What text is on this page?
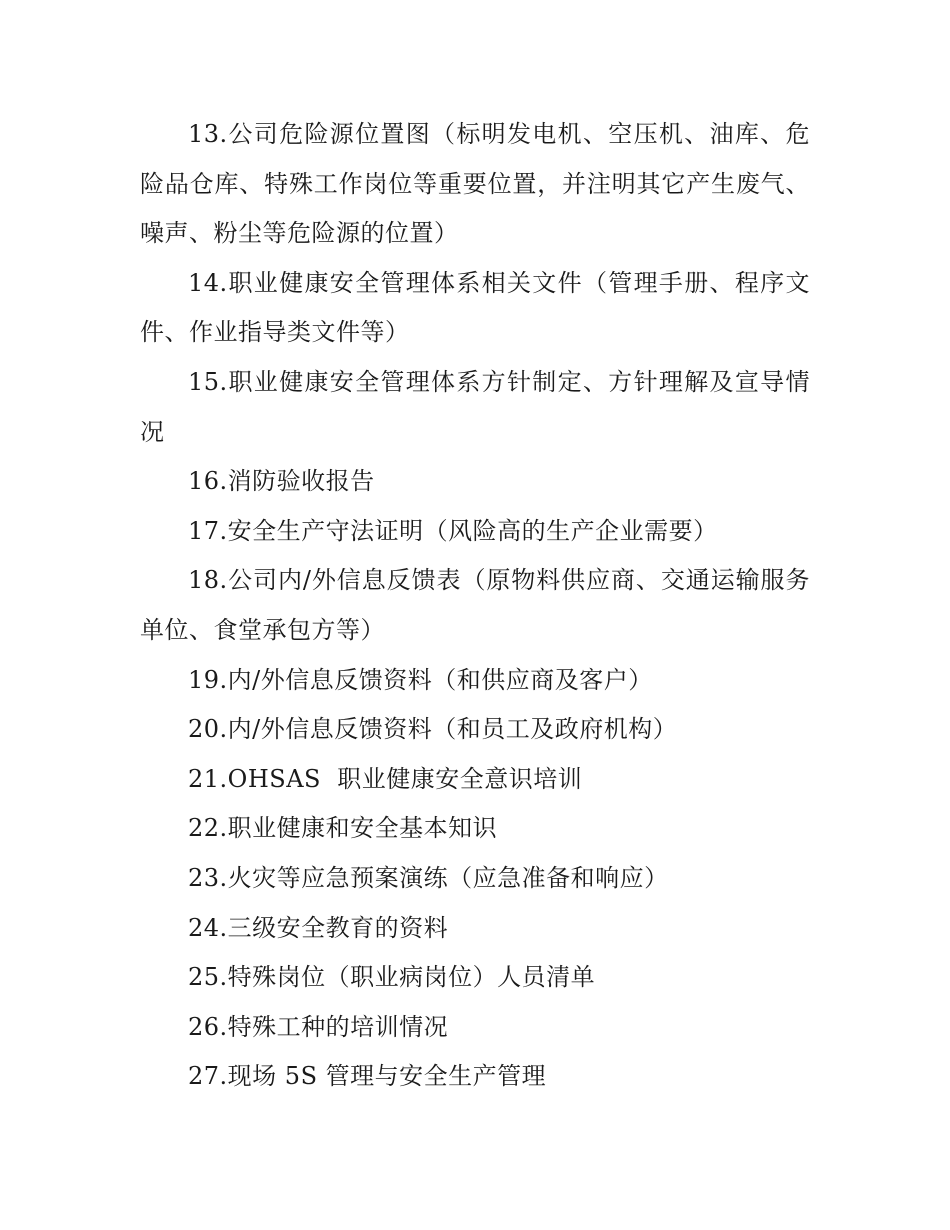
13.公司危险源位置图（标明发电机、空压机、油库、危险品仓库、特殊工作岗位等重要位置，并注明其它产生废气、噪声、粉尘等危险源的位置）

14.职业健康安全管理体系相关文件（管理手册、程序文件、作业指导类文件等）

15.职业健康安全管理体系方针制定、方针理解及宣导情况

16.消防验收报告

17.安全生产守法证明（风险高的生产企业需要）

18.公司内/外信息反馈表（原物料供应商、交通运输服务单位、食堂承包方等）

19.内/外信息反馈资料（和供应商及客户）

20.内/外信息反馈资料（和员工及政府机构）

21.OHSAS  职业健康安全意识培训

22.职业健康和安全基本知识

23.火灾等应急预案演练（应急准备和响应）

24.三级安全教育的资料

25.特殊岗位（职业病岗位）人员清单

26.特殊工种的培训情况

27.现场 5S 管理与安全生产管理
